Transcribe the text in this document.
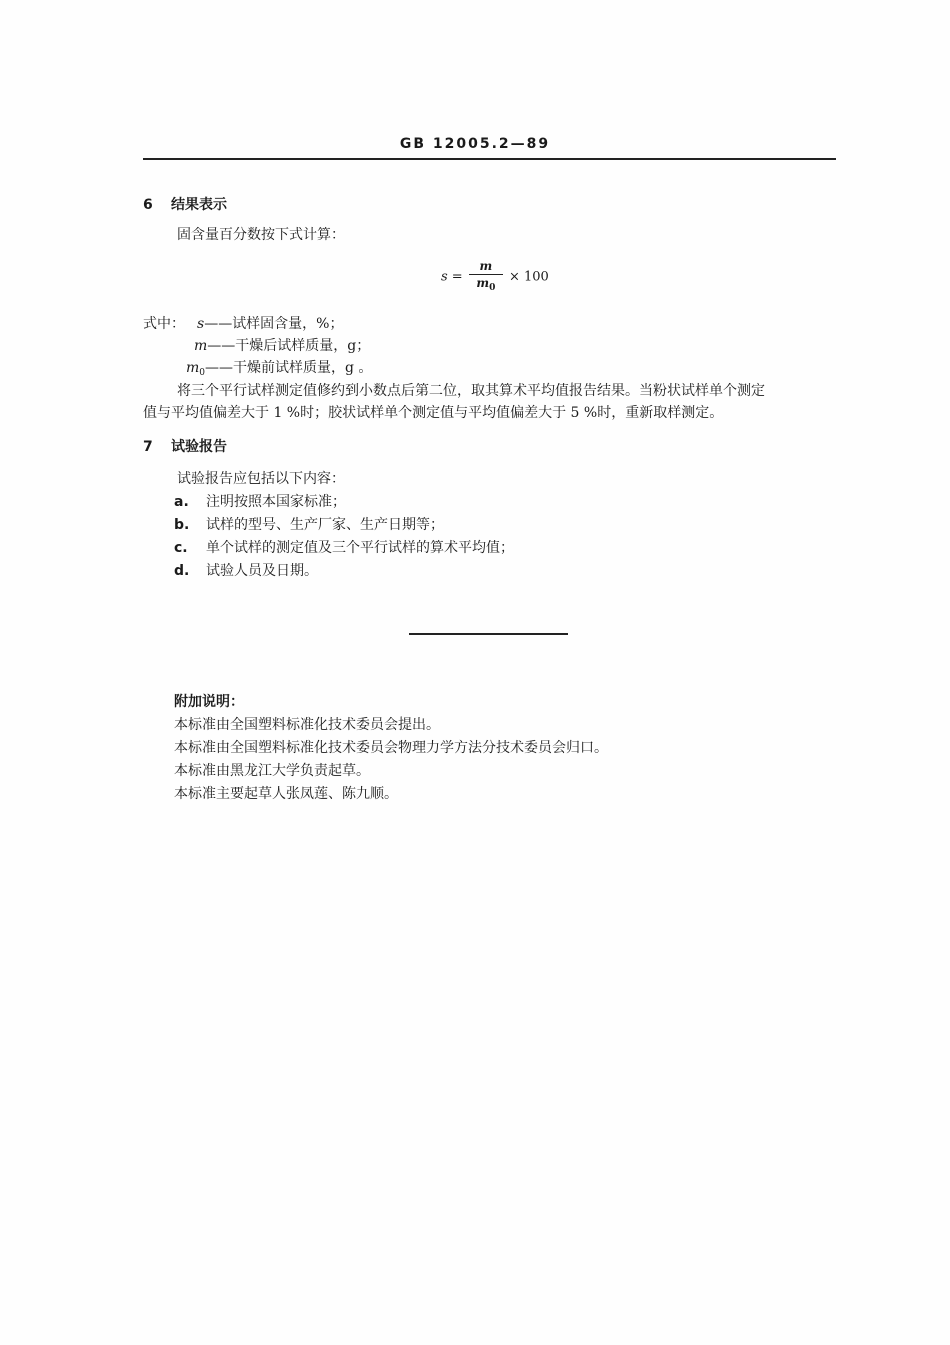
GB 12005.2—89
6 结果表示
固含量百分数按下式计算：
$s = \frac{m}{m_0} \times 100$
式中： s——试样固含量，%；
m——干燥后试样质量，g；
$m_0——$干燥前试样质量，g 。
将三个平行试样测定值修约到小数点后第二位，取其算术平均值报告结果。当粉状试样单个测定
值与平均值偏差大于 1 %时；胶状试样单个测定值与平均值偏差大于 5 %时，重新取样测定。
7 试验报告
试验报告应包括以下内容：
a. 注明按照本国家标准；
b. 试样的型号、生产厂家、生产日期等；
c. 单个试样的测定值及三个平行试样的算术平均值；
d. 试验人员及日期。
附加说明：
本标准由全国塑料标准化技术委员会提出。
本标准由全国塑料标准化技术委员会物理力学方法分技术委员会归口。
本标准由黑龙江大学负责起草。
本标准主要起草人张凤莲、陈九顺。
